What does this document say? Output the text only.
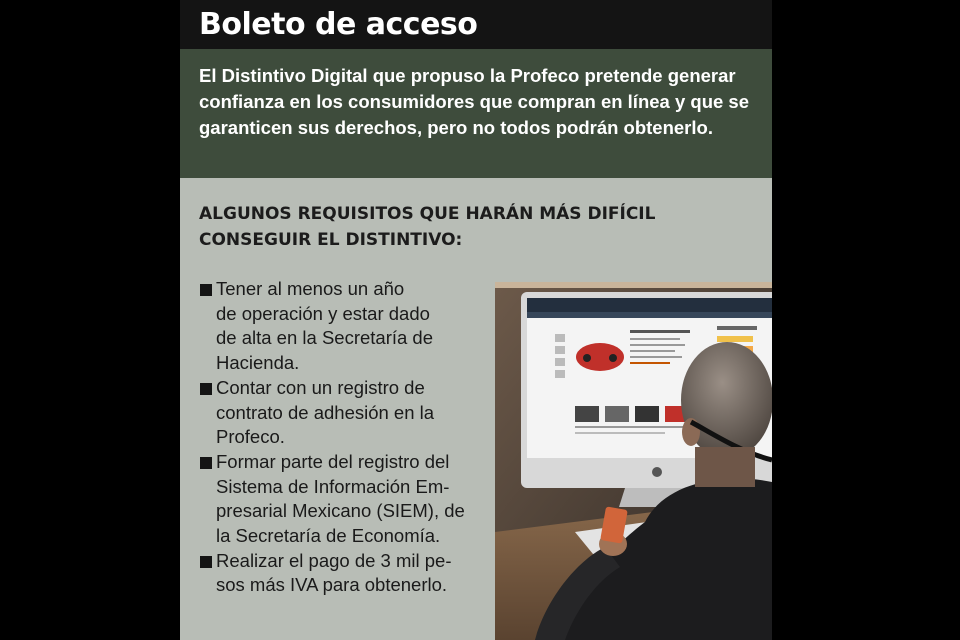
Boleto de acceso

El Distintivo Digital que propuso la Profeco pretende generar confianza en los consumidores que compran en línea y que se garanticen sus derechos, pero no todos podrán obtenerlo.

ALGUNOS REQUISITOS QUE HARÁN MÁS DIFÍCIL
CONSEGUIR EL DISTINTIVO:
Tener al menos un año
de operación y estar dado
de alta en la Secretaría de
Hacienda.
Contar con un registro de
contrato de adhesión en la
Profeco.
Formar parte del registro del
Sistema de Información Em-
presarial Mexicano (SIEM), de
la Secretaría de Economía.
Realizar el pago de 3 mil pe-
sos más IVA para obtenerlo.
